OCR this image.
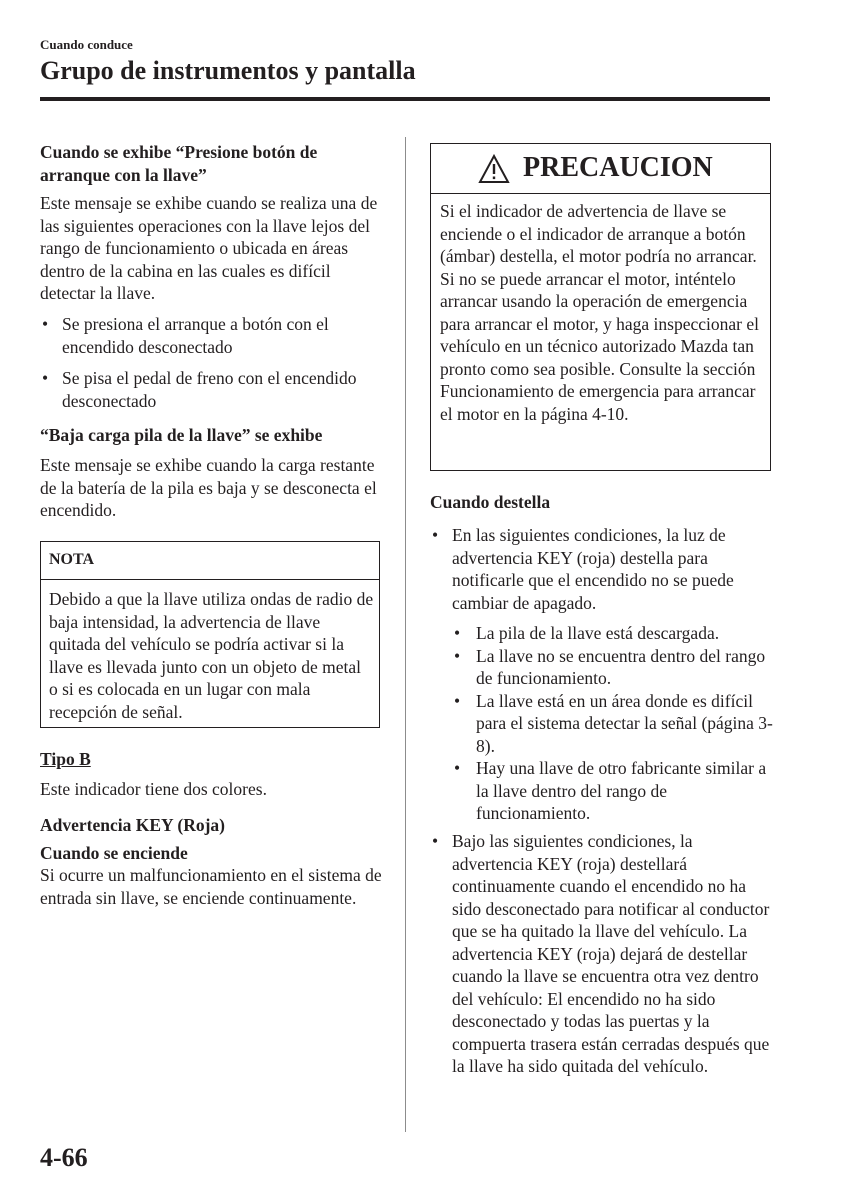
Cuando conduce
Grupo de instrumentos y pantalla

Cuando se exhibe “Presione botón de arranque con la llave”

Este mensaje se exhibe cuando se realiza una de las siguientes operaciones con la llave lejos del rango de funcionamiento o ubicada en áreas dentro de la cabina en las cuales es difícil detectar la llave.

• Se presiona el arranque a botón con el encendido desconectado
• Se pisa el pedal de freno con el encendido desconectado

“Baja carga pila de la llave” se exhibe

Este mensaje se exhibe cuando la carga restante de la batería de la pila es baja y se desconecta el encendido.

NOTA
Debido a que la llave utiliza ondas de radio de baja intensidad, la advertencia de llave quitada del vehículo se podría activar si la llave es llevada junto con un objeto de metal o si es colocada en un lugar con mala recepción de señal.

Tipo B

Este indicador tiene dos colores.

Advertencia KEY (Roja)

Cuando se enciende

Si ocurre un malfuncionamiento en el sistema de entrada sin llave, se enciende continuamente.

PRECAUCION
Si el indicador de advertencia de llave se enciende o el indicador de arranque a botón (ámbar) destella, el motor podría no arrancar. Si no se puede arrancar el motor, inténtelo arrancar usando la operación de emergencia para arrancar el motor, y haga inspeccionar el vehículo en un técnico autorizado Mazda tan pronto como sea posible. Consulte la sección Funcionamiento de emergencia para arrancar el motor en la página 4-10.

Cuando destella

• En las siguientes condiciones, la luz de advertencia KEY (roja) destella para notificarle que el encendido no se puede cambiar de apagado.
• La pila de la llave está descargada.
• La llave no se encuentra dentro del rango de funcionamiento.
• La llave está en un área donde es difícil para el sistema detectar la señal (página 3-8).
• Hay una llave de otro fabricante similar a la llave dentro del rango de funcionamiento.
• Bajo las siguientes condiciones, la advertencia KEY (roja) destellará continuamente cuando el encendido no ha sido desconectado para notificar al conductor que se ha quitado la llave del vehículo. La advertencia KEY (roja) dejará de destellar cuando la llave se encuentra otra vez dentro del vehículo: El encendido no ha sido desconectado y todas las puertas y la compuerta trasera están cerradas después que la llave ha sido quitada del vehículo.
4-66
